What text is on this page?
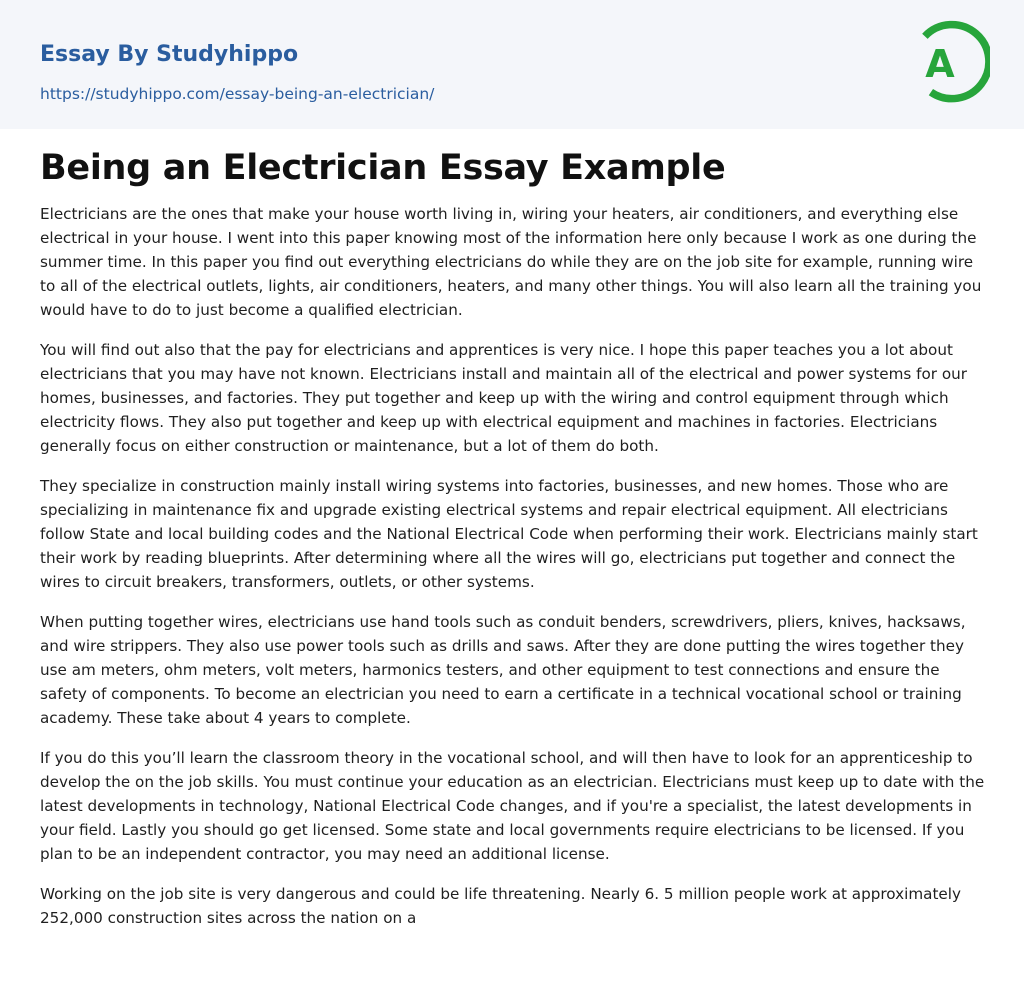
Essay By Studyhippo
https://studyhippo.com/essay-being-an-electrician/
A
Being an Electrician Essay Example

Electricians are the ones that make your house worth living in, wiring your heaters, air conditioners, and everything else electrical in your house. I went into this paper knowing most of the information here only because I work as one during the summer time. In this paper you find out everything electricians do while they are on the job site for example, running wire to all of the electrical outlets, lights, air conditioners, heaters, and many other things. You will also learn all the training you would have to do to just become a qualified electrician.

You will find out also that the pay for electricians and apprentices is very nice. I hope this paper teaches you a lot about electricians that you may have not known. Electricians install and maintain all of the electrical and power systems for our homes, businesses, and factories. They put together and keep up with the wiring and control equipment through which electricity flows. They also put together and keep up with electrical equipment and machines in factories. Electricians generally focus on either construction or maintenance, but a lot of them do both.

They specialize in construction mainly install wiring systems into factories, businesses, and new homes. Those who are specializing in maintenance fix and upgrade existing electrical systems and repair electrical equipment. All electricians follow State and local building codes and the National Electrical Code when performing their work. Electricians mainly start their work by reading blueprints. After determining where all the wires will go, electricians put together and connect the wires to circuit breakers, transformers, outlets, or other systems.

When putting together wires, electricians use hand tools such as conduit benders, screwdrivers, pliers, knives, hacksaws, and wire strippers. They also use power tools such as drills and saws. After they are done putting the wires together they use am meters, ohm meters, volt meters, harmonics testers, and other equipment to test connections and ensure the safety of components. To become an electrician you need to earn a certificate in a technical vocational school or training academy. These take about 4 years to complete.

If you do this you’ll learn the classroom theory in the vocational school, and will then have to look for an apprenticeship to develop the on the job skills. You must continue your education as an electrician. Electricians must keep up to date with the latest developments in technology, National Electrical Code changes, and if you're a specialist, the latest developments in your field. Lastly you should go get licensed. Some state and local governments require electricians to be licensed. If you plan to be an independent contractor, you may need an additional license.

Working on the job site is very dangerous and could be life threatening. Nearly 6. 5 million people work at approximately 252,000 construction sites across the nation on a
